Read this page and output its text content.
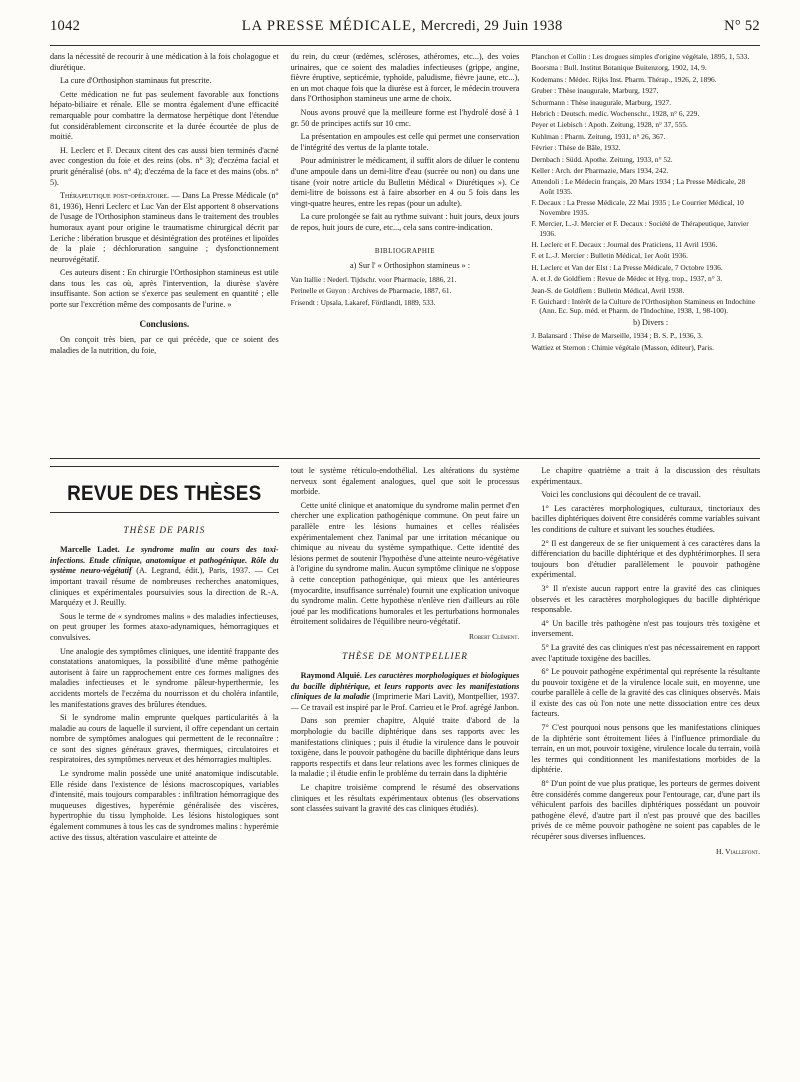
1042	LA PRESSE MÉDICALE, Mercredi, 29 Juin 1938	N° 52

dans la nécessité de recourir à une médication à la fois cholagogue et diurétique.

La cure d'Orthosiphon staminaus fut prescrite.

Cette médication ne fut pas seulement favorable aux fonctions hépato-biliaire et rénale. Elle se montra également d'une efficacité remarquable pour combattre la dermatose herpétique dont l'étendue fut considérablement circonscrite et la durée écourtée de plus de moitié.

H. Leclerc et F. Decaux citent des cas aussi bien terminés d'acné avec congestion du foie et des reins (obs. n° 3); d'eczéma facial et prurit généralisé (obs. n° 4); d'eczéma de la face et des mains (obs. n° 5).

Thérapeutique post-opératoire. — Dans La Presse Médicale (n° 81, 1936), Henri Leclerc et Luc Van der Elst apportent 8 observations de l'usage de l'Orthosiphon stamineus dans le traitement des troubles humoraux ayant pour origine le traumatisme chirurgical décrit par Leriche : libération brusque et désintégration des protéines et lipoïdes de la plaie ; déchloruration sanguine ; dysfonctionnement neurovégétatif.

Ces auteurs disent : En chirurgie l'Orthosiphon stamineus est utile dans tous les cas où, après l'intervention, la diurèse s'avère insuffisante. Son action se s'exerce pas seulement en quantité ; elle porte sur l'excrétion même des composants de l'urine. »

Conclusions.

On conçoit très bien, par ce qui précède, que ce soient des maladies de la nutrition, du foie,

du rein, du cœur (œdèmes, scléroses, athéromes, etc...), des voies urinaires, que ce soient des maladies infectieuses (grippe, angine, fièvre éruptive, septicémie, typhoïde, paludisme, fièvre jaune, etc...), en un mot chaque fois que la diurèse est à forcer, le médecin trouvera dans l'Orthosiphon stamineus une arme de choix.

Nous avons prouvé que la meilleure forme est l'hydrolé dosé à 1 gr. 50 de principes actifs sur 10 cmc.

La présentation en ampoules est celle qui permet une conservation de l'intégrité des vertus de la plante totale.

Pour administrer le médicament, il suffit alors de diluer le contenu d'une ampoule dans un demi-litre d'eau (sucrée ou non) ou dans une tisane (voir notre article du Bulletin Médical « Diurétiques »). Ce demi-litre de boissons est à faire absorber en 4 ou 5 fois dans les vingt-quatre heures, entre les repas (pour un adulte).

La cure prolongée se fait au rythme suivant : huit jours, deux jours de repos, huit jours de cure, etc..., cela sans contre-indication.

BIBLIOGRAPHIE

a) Sur l' « Orthosiphon stamineus » :

Van Itallie : Nederl. Tijdschr. voor Pharmacie, 1886, 21.

Perinelle et Guyon : Archives de Pharmacie, 1887, 61.

Frisendt : Upsala, Lakaref, Fördlandl, 1889, 533.

Planchon et Collin : Les drogues simples d'origine végétale, 1895, 1, 533.

Boorsma : Bull. Institut Botanique Buitenzorg, 1902, 14, 9.

Kodemans : Médec. Rijks Inst. Pharm. Thérap., 1926, 2, 1896.

Gruber : Thèse inaugurale, Marburg, 1927.

Schurmann : Thèse inaugurale, Marburg, 1927.

Hebrich : Deutsch. medic. Wochenschr., 1928, n° 6, 229.

Peyer et Liebisch : Apoth. Zeitung, 1928, n° 37, 555.

Kuhlman : Pharm. Zeitung, 1931, n° 26, 367.

Février : Thèse de Bâle, 1932.

Dernbach : Südd. Apothe. Zeitung, 1933, n° 52.

Keller : Arch. der Pharmazie, Mars 1934, 242.

Attendoli : Le Médecin français, 20 Mars 1934 ; La Presse Médicale, 28 Août 1935.

F. Decaux : La Presse Médicale, 22 Mai 1935 ; Le Courrier Médical, 10 Novembre 1935.

F. Mercier, L.-J. Mercier et F. Decaux : Société de Thérapeutique, Janvier 1936.

H. Leclerc et F. Decaux : Journal des Praticiens, 11 Avril 1936.

F. et L.-J. Mercier : Bulletin Médical, 1er Août 1936.

H. Leclerc et Van der Elst : La Presse Médicale, 7 Octobre 1936.

A. et J. de Goldfiem : Revue de Médec et Hyg. trop., 1937, n° 3.

Jean-S. de Goldfiem : Bulletin Médical, Avril 1938.

F. Guichard : Intérêt de la Culture de l'Orthosiphon Stamineus en Indochine (Ann. Ec. Sup. méd. et Pharm. de l'Indochine, 1938, 1, 98-100).

b) Divers :

J. Balansard : Thèse de Marseille, 1934 ; B. S. P., 1936, 3.

Wattiez et Sternon : Chimie végétale (Masson, éditeur), Paris.

REVUE DES THÈSES
THÈSE DE PARIS

Marcelle Ladet. Le syndrome malin au cours des toxi-infections. Etude clinique, anatomique et pathogénique. Rôle du système neuro-végétatif (A. Legrand, édit.), Paris, 1937. — Cet important travail résume de nombreuses recherches anatomiques, cliniques et expérimentales poursuivies sous la direction de R.-A. Marquézy et J. Reuilly.

Sous le terme de « syndromes malins » des maladies infectieuses, on peut grouper les formes ataxo-adynamiques, hémorragiques et convulsives.

Une analogie des symptômes cliniques, une identité frappante des constatations anatomiques, la possibilité d'une même pathogénie autorisent à faire un rapprochement entre ces formes malignes des maladies infectieuses et le syndrome pâleur-hyperthermie, les accidents mortels de l'eczéma du nourrisson et du choléra infantile, les manifestations graves des brûlures étendues.

Si le syndrome malin emprunte quelques particularités à la maladie au cours de laquelle il survient, il offre cependant un certain nombre de symptômes analogues qui permettent de le reconnaître : ce sont des signes généraux graves, thermiques, circulatoires et respiratoires, des symptômes nerveux et des hémorragies multiples.

Le syndrome malin possède une unité anatomique indiscutable. Elle réside dans l'existence de lésions macroscopiques, variables d'intensité, mais toujours comparables : infiltration hémorragique des muqueuses digestives, hyperémie généralisée des viscères, hypertrophie du tissu lymphoïde. Les lésions histologiques sont également communes à tous les cas de syndromes malins : hyperémie active des tissus, altération vasculaire et atteinte de

tout le système réticulo-endothélial. Les altérations du système nerveux sont également analogues, quel que soit le processus morbide.

Cette unité clinique et anatomique du syndrome malin permet d'en chercher une explication pathogénique commune. On peut faire un parallèle entre les lésions humaines et celles réalisées expérimentalement chez l'animal par une irritation mécanique ou chimique au niveau du système sympathique. Cette identité des lésions permet de soutenir l'hypothèse d'une atteinte neuro-végétative à l'origine du syndrome malin. Aucun symptôme clinique ne s'oppose à cette conception pathogénique, qui mieux que les antérieures (myocardite, insuffisance surrénale) fournit une explication univoque du syndrome malin. Cette hypothèse n'enlève rien d'ailleurs au rôle joué par les modifications humorales et les perturbations hormonales étroitement solidaires de l'équilibre neuro-végétatif.

Robert Clément.
THÈSE DE MONTPELLIER

Raymond Alquié. Les caractères morphologiques et biologiques du bacille diphtérique, et leurs rapports avec les manifestations cliniques de la maladie (Imprimerie Mari Lavit), Montpellier, 1937. — Ce travail est inspiré par le Prof. Carrieu et le Prof. agrégé Janbon.

Dans son premier chapitre, Alquié traite d'abord de la morphologie du bacille diphtérique dans ses rapports avec les manifestations cliniques ; puis il étudie la virulence dans le pouvoir toxigène, dans le pouvoir pathogène du bacille diphtérique dans leurs rapports respectifs et dans leur relations avec les formes cliniques de la maladie ; il étudie enfin le problème du terrain dans la diphtérie

Le chapitre troisième comprend le résumé des observations cliniques et les résultats expérimentaux obtenus (les observations sont classées suivant la gravité des cas cliniques étudiés).

Le chapitre quatrième a trait à la discussion des résultats expérimentaux.

Voici les conclusions qui découlent de ce travail.

1° Les caractères morphologiques, culturaux, tinctoriaux des bacilles diphtériques doivent être considérés comme variables suivant les conditions de culture et suivant les souches étudiées.

2° Il est dangereux de se fier uniquement à ces caractères dans la différenciation du bacille diphtérique et des dyphtérimorphes. Il sera toujours bon d'étudier parallèlement le pouvoir pathogène expérimental.

3° Il n'existe aucun rapport entre la gravité des cas cliniques observés et les caractères morphologiques du bacille diphtérique responsable.

4° Un bacille très pathogène n'est pas toujours très toxigène et inversement.

5° La gravité des cas cliniques n'est pas nécessairement en rapport avec l'aptitude toxigène des bacilles.

6° Le pouvoir pathogène expérimental qui représente la résultante du pouvoir toxigène et de la virulence locale suit, en moyenne, une courbe parallèle à celle de la gravité des cas cliniques observés. Mais il existe des cas où l'on note une nette dissociation entre ces deux facteurs.

7° C'est pourquoi nous pensons que les manifestations cliniques de la diphtérie sont étroitement liées à l'influence primordiale du terrain, en un mot, pouvoir toxigène, virulence locale du terrain, voilà les termes qui conditionnent les manifestations morbides de la diphtérie.

8° D'un point de vue plus pratique, les porteurs de germes doivent être considérés comme dangereux pour l'entourage, car, d'une part ils véhiculent parfois des bacilles diphtériques possédant un pouvoir pathogène élevé, d'autre part il n'est pas prouvé que des bacilles privés de ce même pouvoir pathogène ne soient pas capables de le récupérer sous diverses influences.

H. Viallefont.
